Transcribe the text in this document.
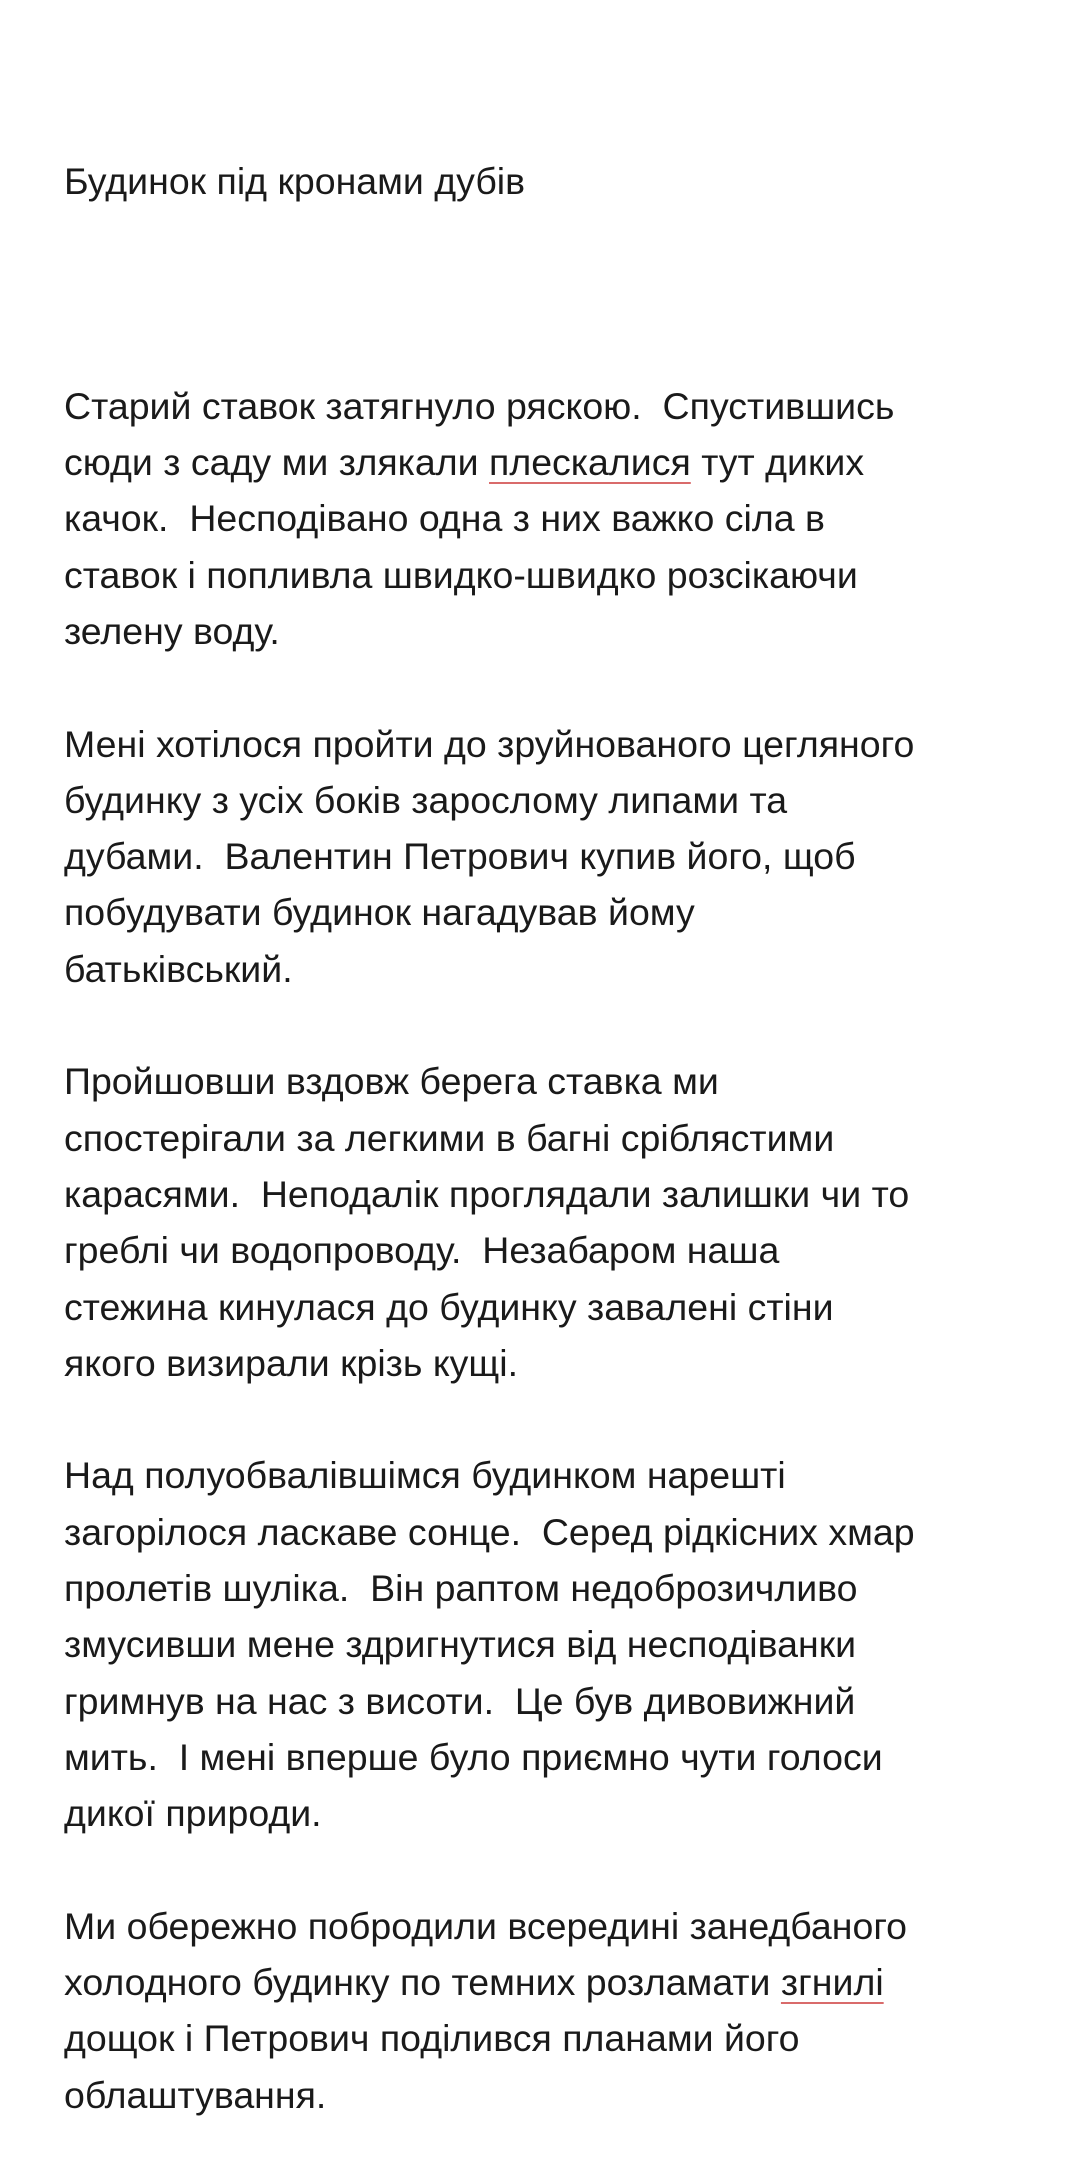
Будинок під кронами дубів

Старий ставок затягнуло ряскою.  Спустившись
сюди з саду ми злякали плескалися тут диких
качок.  Несподівано одна з них важко сіла в
ставок і попливла швидко-швидко розсікаючи
зелену воду.

Мені хотілося пройти до зруйнованого цегляного
будинку з усіх боків зарослому липами та
дубами.  Валентин Петрович купив його, щоб
побудувати будинок нагадував йому
батьківський.

Пройшовши вздовж берега ставка ми
спостерігали за легкими в багні сріблястими
карасями.  Неподалік проглядали залишки чи то
греблі чи водопроводу.  Незабаром наша
стежина кинулася до будинку завалені стіни
якого визирали крізь кущі.

Над полуобвалівшімся будинком нарешті
загорілося ласкаве сонце.  Серед рідкісних хмар
пролетів шуліка.  Він раптом недоброзичливо
змусивши мене здригнутися від несподіванки
гримнув на нас з висоти.  Це був дивовижний
мить.  І мені вперше було приємно чути голоси
дикої природи.

Ми обережно побродили всередині занедбаного
холодного будинку по темних розламати згнилі
дощок і Петрович поділився планами його
облаштування.
